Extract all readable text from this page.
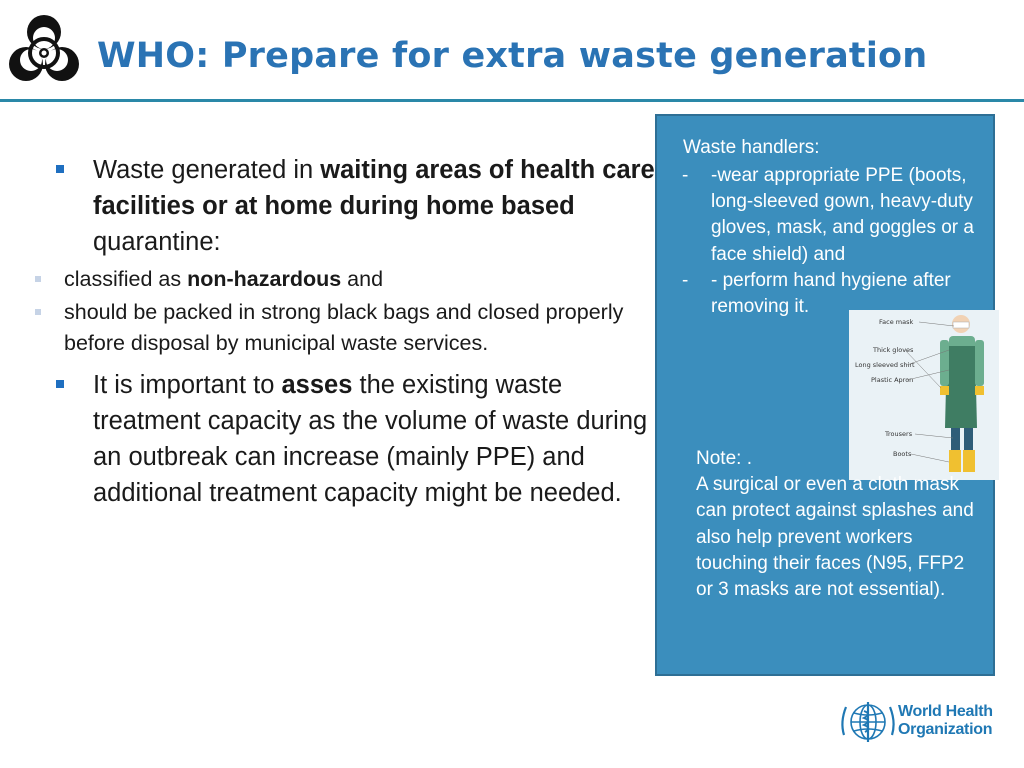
WHO: Prepare for extra waste generation
Waste generated in waiting areas of health care facilities or at home during home based quarantine:
classified as non-hazardous and
should be packed in strong black bags and closed properly before disposal by municipal waste services.
It is important to asses the existing waste treatment capacity as the volume of waste during an outbreak can increase (mainly PPE) and additional treatment capacity might be needed.
Waste handlers:
- -wear appropriate PPE (boots, long-sleeved gown, heavy-duty gloves, mask, and goggles or a face shield) and
- - perform hand hygiene after removing it.
Face mask
Thick gloves
Long sleeved shirt
Plastic Apron
Trousers
Boots
Note: .
A surgical or even a cloth mask can protect against splashes and also help prevent workers touching their faces (N95, FFP2 or 3 masks are not essential).
World Health
Organization
